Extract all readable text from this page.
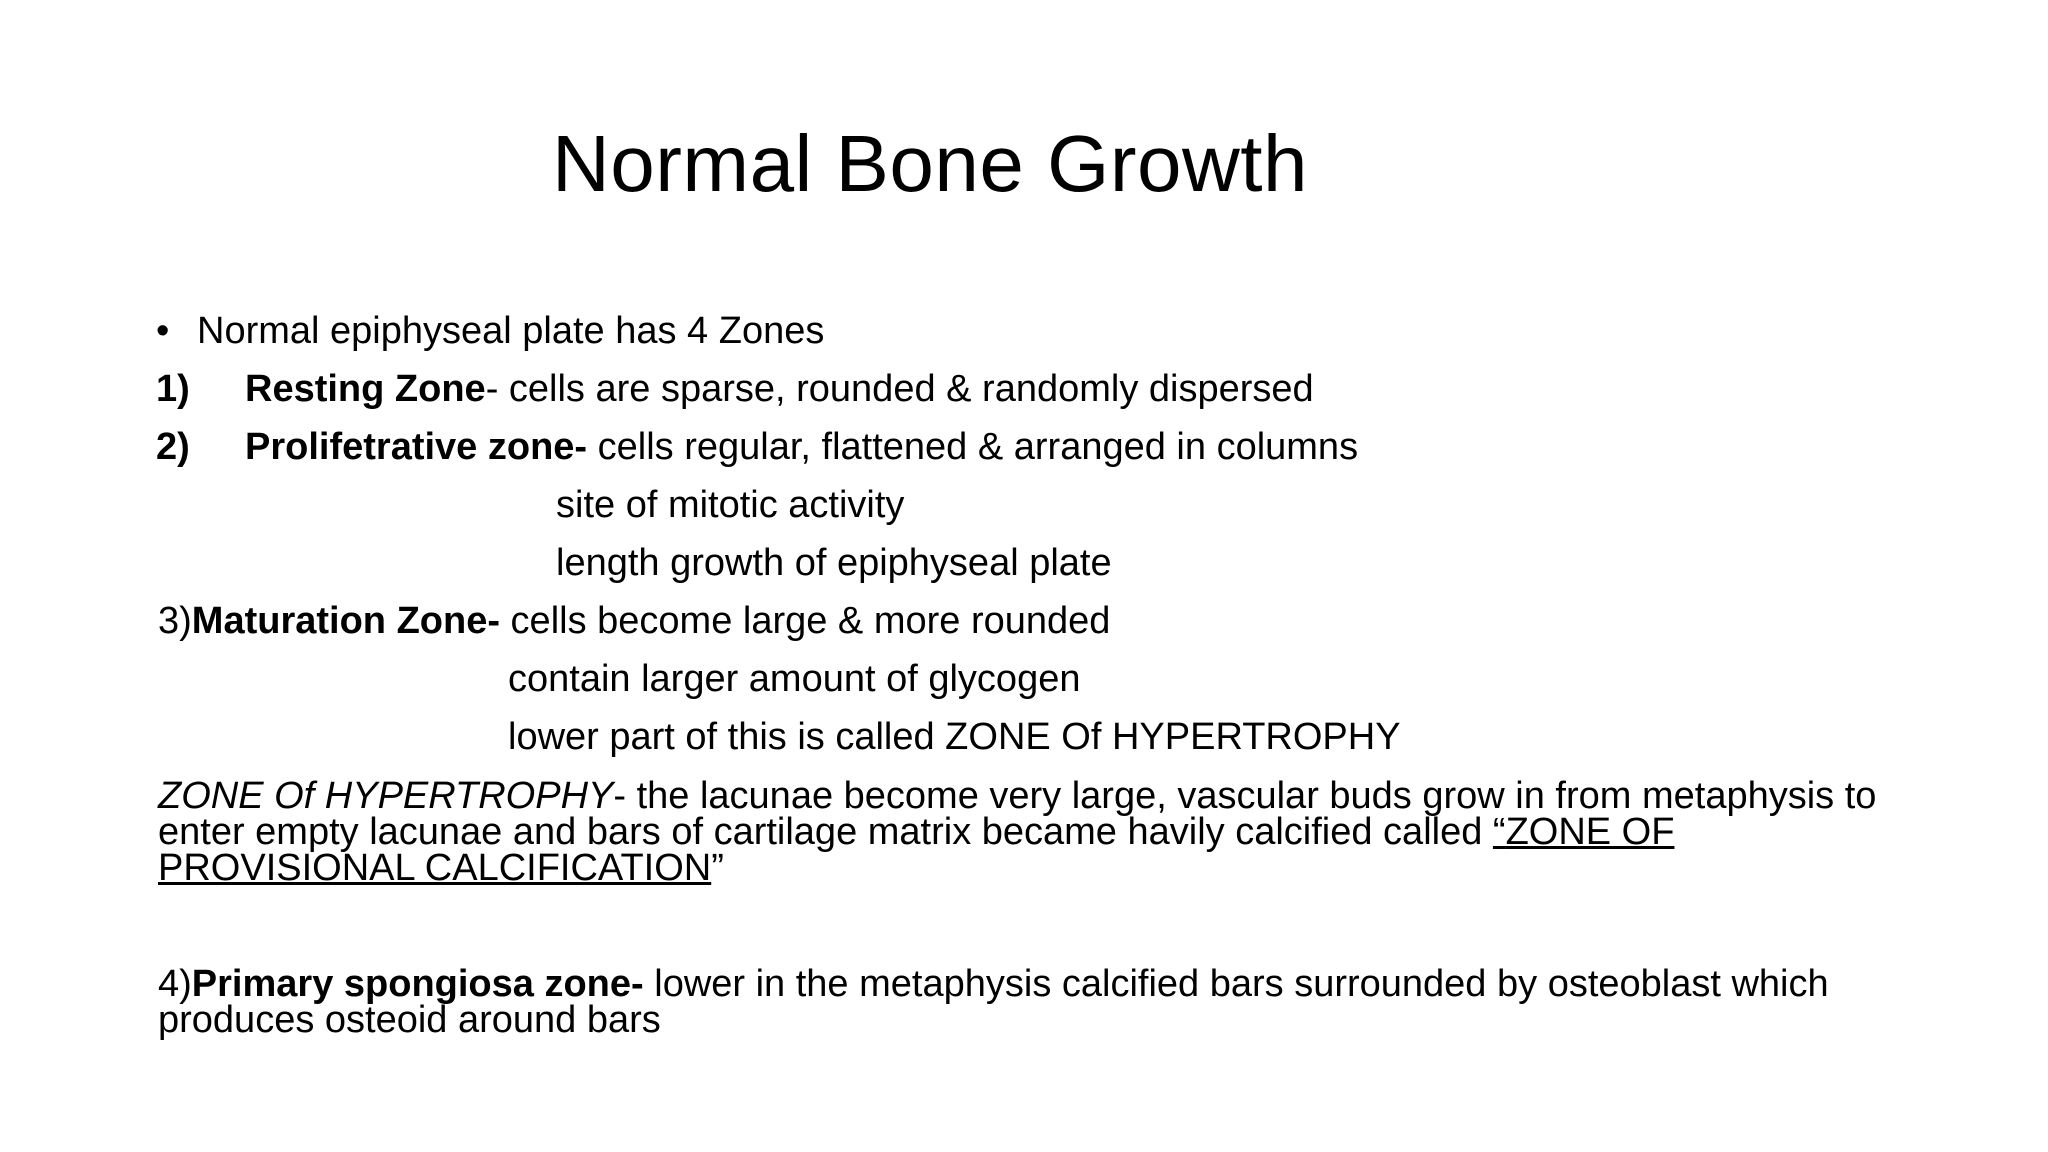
Normal Bone Growth
• Normal epiphyseal plate has 4 Zones
1) Resting Zone- cells are sparse, rounded & randomly dispersed
2) Prolifetrative zone- cells regular, flattened & arranged in columns
site of mitotic activity
length growth of epiphyseal plate
3)Maturation Zone- cells become large & more rounded
contain larger amount of glycogen
lower part of this is called ZONE Of HYPERTROPHY

ZONE Of HYPERTROPHY- the lacunae become very large, vascular buds grow in from metaphysis to enter empty lacunae and bars of cartilage matrix became havily calcified called “ZONE OF PROVISIONAL CALCIFICATION”

4)Primary spongiosa zone- lower in the metaphysis calcified bars surrounded by osteoblast which produces osteoid around bars
